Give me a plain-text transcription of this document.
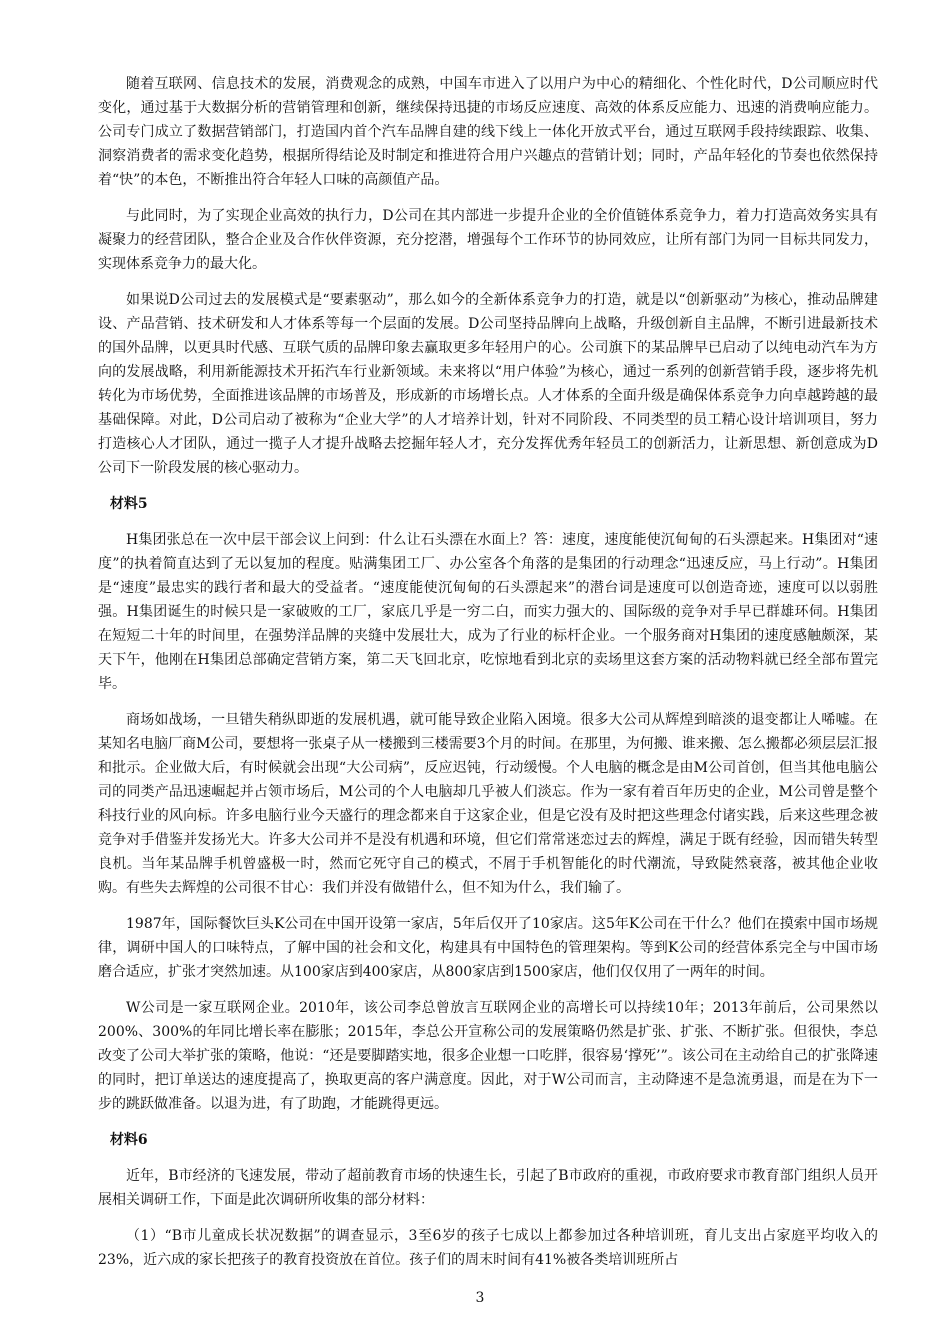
随着互联网、信息技术的发展，消费观念的成熟，中国车市进入了以用户为中心的精细化、个性化时代，D公司顺应时代变化，通过基于大数据分析的营销管理和创新，继续保持迅捷的市场反应速度、高效的体系反应能力、迅速的消费响应能力。公司专门成立了数据营销部门，打造国内首个汽车品牌自建的线下线上一体化开放式平台，通过互联网手段持续跟踪、收集、洞察消费者的需求变化趋势，根据所得结论及时制定和推进符合用户兴趣点的营销计划；同时，产品年轻化的节奏也依然保持着“快”的本色，不断推出符合年轻人口味的高颜值产品。

与此同时，为了实现企业高效的执行力，D公司在其内部进一步提升企业的全价值链体系竞争力，着力打造高效务实具有凝聚力的经营团队，整合企业及合作伙伴资源，充分挖潜，增强每个工作环节的协同效应，让所有部门为同一目标共同发力，实现体系竞争力的最大化。

如果说D公司过去的发展模式是“要素驱动”，那么如今的全新体系竞争力的打造，就是以“创新驱动”为核心，推动品牌建设、产品营销、技术研发和人才体系等每一个层面的发展。D公司坚持品牌向上战略，升级创新自主品牌，不断引进最新技术的国外品牌，以更具时代感、互联气质的品牌印象去赢取更多年轻用户的心。公司旗下的某品牌早已启动了以纯电动汽车为方向的发展战略，利用新能源技术开拓汽车行业新领域。未来将以“用户体验”为核心，通过一系列的创新营销手段，逐步将先机转化为市场优势，全面推进该品牌的市场普及，形成新的市场增长点。人才体系的全面升级是确保体系竞争力向卓越跨越的最基础保障。对此，D公司启动了被称为“企业大学”的人才培养计划，针对不同阶段、不同类型的员工精心设计培训项目，努力打造核心人才团队，通过一揽子人才提升战略去挖掘年轻人才，充分发挥优秀年轻员工的创新活力，让新思想、新创意成为D公司下一阶段发展的核心驱动力。

材料5

H集团张总在一次中层干部会议上问到：什么让石头漂在水面上？答：速度，速度能使沉甸甸的石头漂起来。H集团对“速度”的执着简直达到了无以复加的程度。贴满集团工厂、办公室各个角落的是集团的行动理念“迅速反应，马上行动”。H集团是“速度”最忠实的践行者和最大的受益者。“速度能使沉甸甸的石头漂起来”的潜台词是速度可以创造奇迹，速度可以以弱胜强。H集团诞生的时候只是一家破败的工厂，家底几乎是一穷二白，而实力强大的、国际级的竞争对手早已群雄环伺。H集团在短短二十年的时间里，在强势洋品牌的夹缝中发展壮大，成为了行业的标杆企业。一个服务商对H集团的速度感触颇深，某天下午，他刚在H集团总部确定营销方案，第二天飞回北京，吃惊地看到北京的卖场里这套方案的活动物料就已经全部布置完毕。

商场如战场，一旦错失稍纵即逝的发展机遇，就可能导致企业陷入困境。很多大公司从辉煌到暗淡的退变都让人唏嘘。在某知名电脑厂商M公司，要想将一张桌子从一楼搬到三楼需要3个月的时间。在那里，为何搬、谁来搬、怎么搬都必须层层汇报和批示。企业做大后，有时候就会出现“大公司病”，反应迟钝，行动缓慢。个人电脑的概念是由M公司首创，但当其他电脑公司的同类产品迅速崛起并占领市场后，M公司的个人电脑却几乎被人们淡忘。作为一家有着百年历史的企业，M公司曾是整个科技行业的风向标。许多电脑行业今天盛行的理念都来自于这家企业，但是它没有及时把这些理念付诸实践，后来这些理念被竞争对手借鉴并发扬光大。许多大公司并不是没有机遇和环境，但它们常常迷恋过去的辉煌，满足于既有经验，因而错失转型良机。当年某品牌手机曾盛极一时，然而它死守自己的模式，不屑于手机智能化的时代潮流，导致陡然衰落，被其他企业收购。有些失去辉煌的公司很不甘心：我们并没有做错什么，但不知为什么，我们输了。

1987年，国际餐饮巨头K公司在中国开设第一家店，5年后仅开了10家店。这5年K公司在干什么？他们在摸索中国市场规律，调研中国人的口味特点，了解中国的社会和文化，构建具有中国特色的管理架构。等到K公司的经营体系完全与中国市场磨合适应，扩张才突然加速。从100家店到400家店，从800家店到1500家店，他们仅仅用了一两年的时间。

W公司是一家互联网企业。2010年，该公司李总曾放言互联网企业的高增长可以持续10年；2013年前后，公司果然以200%、300%的年同比增长率在膨胀；2015年，李总公开宣称公司的发展策略仍然是扩张、扩张、不断扩张。但很快，李总改变了公司大举扩张的策略，他说：“还是要脚踏实地，很多企业想一口吃胖，很容易‘撑死’”。该公司在主动给自己的扩张降速的同时，把订单送达的速度提高了，换取更高的客户满意度。因此，对于W公司而言，主动降速不是急流勇退，而是在为下一步的跳跃做准备。以退为进，有了助跑，才能跳得更远。

材料6

近年，B市经济的飞速发展，带动了超前教育市场的快速生长，引起了B市政府的重视，市政府要求市教育部门组织人员开展相关调研工作，下面是此次调研所收集的部分材料：

（1）“B市儿童成长状况数据”的调查显示，3至6岁的孩子七成以上都参加过各种培训班，育儿支出占家庭平均收入的23%，近六成的家长把孩子的教育投资放在首位。孩子们的周末时间有41%被各类培训班所占

3
